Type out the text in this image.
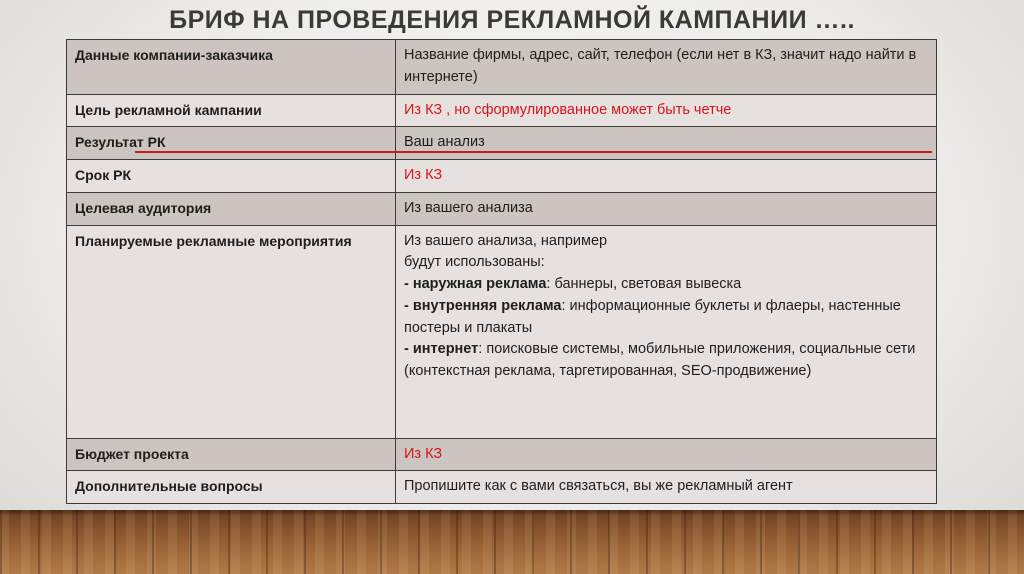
БРИФ НА ПРОВЕДЕНИЯ РЕКЛАМНОЙ КАМПАНИИ …..
Данные компании-заказчика	Название фирмы, адрес, сайт, телефон (если нет в КЗ, значит надо найти в интернете)
Цель рекламной кампании	Из КЗ , но сформулированное может быть четче
Результат РК	Ваш анализ
Срок РК	Из КЗ
Целевая аудитория	Из вашего анализа
Планируемые рекламные мероприятия	Из вашего анализа, например
будут использованы:
- наружная реклама: баннеры, световая вывеска
- внутренняя реклама: информационные буклеты и флаеры, настенные постеры и плакаты
- интернет: поисковые системы, мобильные приложения, социальные сети (контекстная реклама, таргетированная, SEO-продвижение)

Бюджет проекта	Из КЗ
Дополнительные вопросы	Пропишите как с вами связаться, вы же рекламный агент
